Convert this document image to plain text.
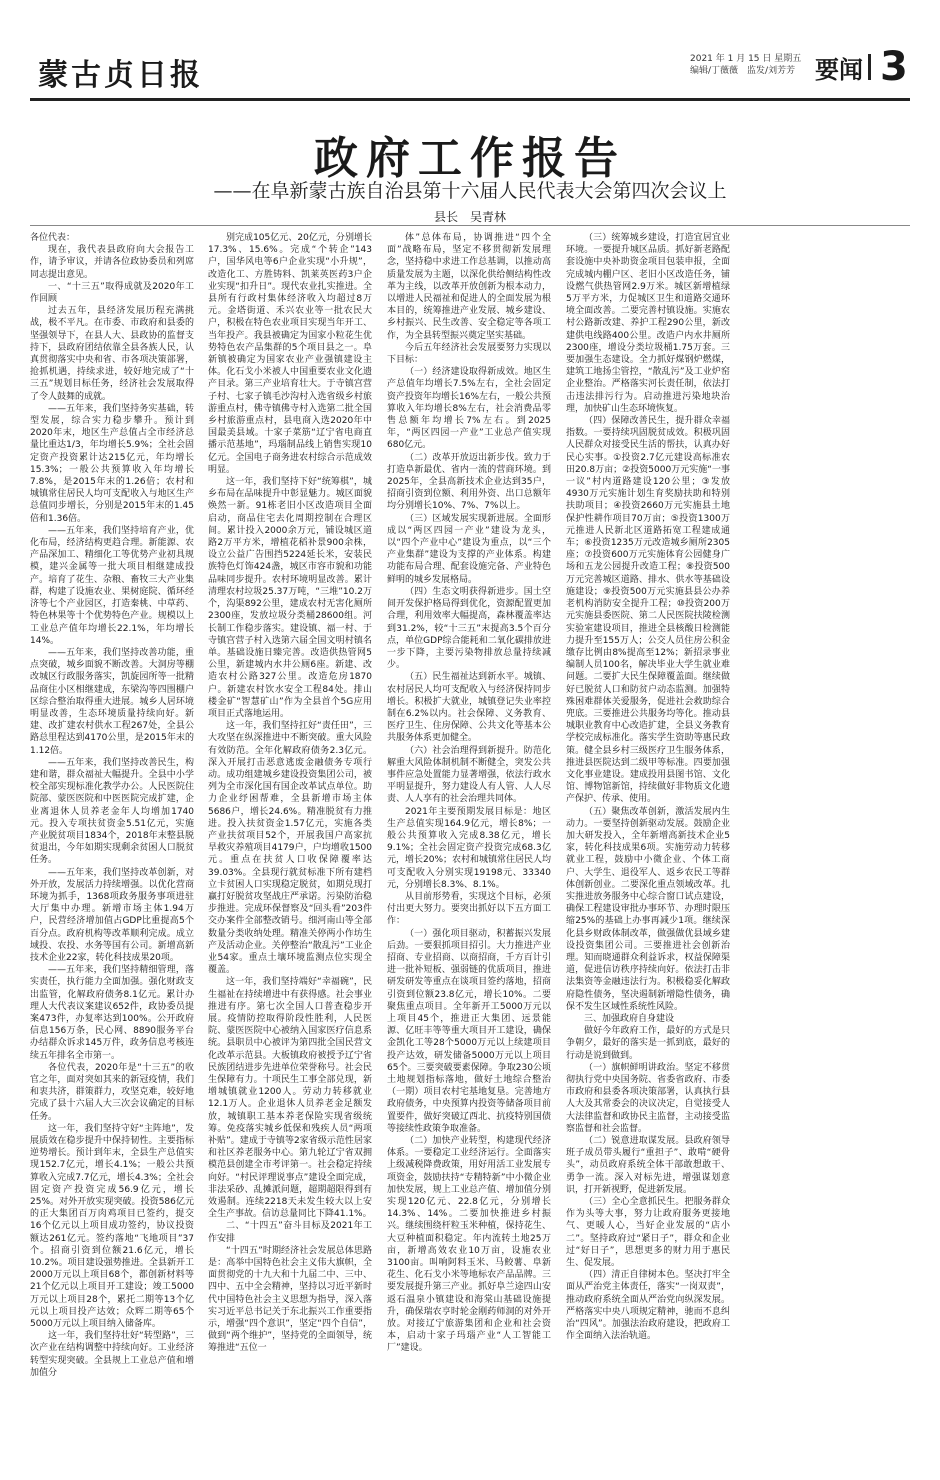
蒙古贞日报	2021 年 1 月 15 日 星期五
编辑/丁薇薇　监发/刘芳芳 要闻 3
政府工作报告
——在阜新蒙古族自治县第十六届人民代表大会第四次会议上
县长　吴青林

各位代表：

现在，我代表县政府向大会报告工作，请予审议，并请各位政协委员和列席同志提出意见。

一、“十三五”取得成就及2020年工作回顾

过去五年，县经济发展历程充满挑战，极不平凡。在市委、市政府和县委的坚强领导下，在县人大、县政协的监督支持下，县政府团结依靠全县各族人民，认真贯彻落实中央和省、市各项决策部署，抢抓机遇，持续求进，较好地完成了“十三五”规划目标任务，经济社会发展取得了令人鼓舞的成就。

——五年来，我们坚持务实基础，转型发展，综合实力稳步攀升。预计到2020年末，地区生产总值占全市经济总量比重达1/3，年均增长5.9%；全社会固定资产投资累计达215亿元，年均增长15.3%；一般公共预算收入年均增长7.8%，是2015年末的1.26倍；农村和城镇常住居民人均可支配收入与地区生产总值同步增长，分别是2015年末的1.45倍和1.36倍。

——五年来，我们坚持培育产业，优化布局，经济结构更趋合理。新能源、农产品深加工、精细化工等优势产业初具规模，建兴金属等一批大项目相继建成投产。培育了花生、杂粮、畜牧三大产业集群，构建了设施农业、果树庭院、循环经济等七个产业园区，打造秦桃、中草药、特色林果等十个优势特色产业。规模以上工业总产值年均增长22.1%，年均增长14%。

——五年来，我们坚持改善功能，重点突破，城乡面貌不断改善。大洞房等棚改城区行政服务落实，凯旋园所等一批精品商住小区相继建成，东梁沟等四围棚户区综合整治取得重大进展。城乡人居环境明显改善，生态环境质量持续向好。新建、改扩建农村供水工程267处，全县公路总里程达到4170公里，是2015年末的1.12倍。

——五年来，我们坚持改善民生，构建和谐，群众福祉大幅提升。全县中小学校全部实现标准化教学办公。人民医院住院部、蒙医医院和中医医院完成扩建，企业离退休人员养老金年人均增加1740元。投入专项扶贫资金5.51亿元，实施产业脱贫项目1834个，2018年末整县脱贫退出，今年如期实现剩余贫困人口脱贫任务。

——五年来，我们坚持改革创新，对外开放，发展活力持续增强。以优化营商环境为抓手，1368项政务服务事项进驻大厅集中办理。新增市场主体1.94万户，民营经济增加值占GDP比重提高5个百分点。政府机构等改革顺利完成。成立域投、农投、水务等国有公司。新增高新技术企业22家，转化科技成果20项。

——五年来，我们坚持精细管理，落实责任，执行能力全面加强。强化财政支出监管，化解政府债务8.1亿元。累计办理人大代表议案建议652件，政协委员提案473件，办复率达到100%。公开政府信息156万条，民心网、8890服务平台办结群众诉求145万件，政务信息考核连续五年排名全市第一。

各位代表，2020年是“十三五”的收官之年，面对突如其来的新冠疫情，我们和衷共济，群策群力，攻坚克难，较好地完成了县十六届人大三次会议确定的目标任务。

这一年，我们坚持守好“主阵地”，发展质效在稳步提升中保持韧性。主要指标逆势增长。预计到年末，全县生产总值实现152.7亿元，增长4.1%；一般公共预算收入完成7.7亿元，增长4.3%；全社会固定资产投资完成56.9亿元，增长25%。对外开放实现突破。投资586亿元的正大集团百万肉鸡项目已签约，提交16个亿元以上项目成功签约，协议投资额达261亿元。签约落地“飞地项目”37个。招商引资到位额21.6亿元，增长10.2%。项目建设强势推进。全县新开工2000万元以上项目68个，都创新材料等21个亿元以上项目开工建设；竣工5000万元以上项目28个，累托二期等13个亿元以上项目投产达效；众辉二期等65个5000万元以上项目纳入储备库。

这一年，我们坚持壮好“转型路”，三次产业在结构调整中持续向好。工业经济转型实现突破。全县规上工业总产值和增加值分

别完成105亿元、20亿元，分别增长17.3%、15.6%。完成“个转企”143户，国华风电等6户企业实现“小升规”，改造化工、方胜铸料、凯莱英医药3户企业实现“扣升日”。现代农业扎实推进。全县所有行政村集体经济收入均超过8万元。金塔街道、禾兴农业等一批农民大户，积极在特色农业项目实现当年开工、当年投产。我县被确定为国家小粒花生优势特色农产品集群的5个项目县之一。阜新镇被确定为国家农业产业强镇建设主体。化石戈小米被人中国重要农业文化遗产目录。第三产业培育壮大。于寺镇宫营子村、七家子镇毛沙沟村入选省级乡村旅游重点村，佛寺镇佛寺村入选第二批全国乡村旅游重点村，县电商入选2020年中国最美县域。十家子菜筋“辽宁省电商直播示范基地”，玛瑙制品线上销售实现10亿元。全国电子商务进农村综合示范成效明显。

这一年，我们坚持下好“统筹棋”，城乡布局在品味提升中彰显魅力。城区面貌焕然一新。91栋老旧小区改造项目全面启动，商品住宅去化周期控制在合理区间。累计投入2000余万元，铺设城区道路2万平方米，增植花稻补景900余株，设立公益广告围挡5224延长米，安装民族特色灯饰424盏，城区市容市貌和功能品味同步提升。农村环境明显改善。累计清理农村垃圾25.37万吨，“三堆”10.2万个，沟渠892公里，建成农村无害化厕所2300座，发放垃圾分类桶28600组。河长制工作稳步落实。建设镇、福一村、于寺镇宫营子村入选第六届全国文明村镇名单。基础设施日臻完善。改造供热管网5公里，新建城内水井公厕6座。新建、改造农村公路327公里。改造危房1870户。新建农村饮水安全工程84处。排山楼金矿“智慧矿山”作为全县首个5G应用项目正式落地运用。

这一年，我们坚持扛好“责任田”，三大攻坚在纵深推进中不断突破。重大风险有效防范。全年化解政府债务2.3亿元。深入开展打击恶意逃废金融债务专项行动。成功组建城乡建设投资集团公司，被列为全市深化国有国企改革试点单位。助力企业纾困帮难，全县新增市场主体5686户，增长24.6%。精准脱贫有力推进。投入扶贫资金1.57亿元，实施各类产业扶贫项目52个，开展我国户高家抗旱救灾养殖项目4179户，户均增收1500元。重点在扶贫人口收保障覆率达39.03%。全县现行就贫标准下所有建档立卡贫困人口实现稳定脱贫，如期兑现打赢打好脱贫攻坚战庄严承诺。污染防治稳步推进。完成环保督察及“回头看”203件交办案件全部整改销号。细河南山等全部数量分类收纳处理。精准关停两小作坊生产及活动企业。关停整治“散乱污”工业企业54家。重点土壤环境监测点位实现全覆盖。

这一年，我们坚持端好“幸福碗”，民生福祉在持续增进中有获得感。社会事业推进有序。第七次全国人口普查稳步开展。疫情防控取得阶段性胜利，人民医院、蒙医医院中心被纳入国家医疗信息系统。县职员中心被评为第四批全国民营文化改革示范县。大板镇政府被授予辽宁省民族团结进步先进单位荣誉称号。社会民生保障有力。十项民生工事全部兑现，新增城镇就业1200人。劳动力转移就业12.1万人。企业退休人员养老金足额发放，城镇职工基本养老保险实现省级统筹。免疫落实城乡低保和残疾人员“两项补贴”。建成于寺镇等2家省级示范性居家和社区养老服务中心。第九轮辽宁省双拥模范县创建全市考评第一。社会稳定持续向好。“村民评理说事点”建设全面完成，非法采砂、乱摊派问题，超期超限得到有效遏制。连续2218天未发生较大以上安全生产事故。信访总量同比下降41.1%。

二、“十四五”奋斗目标及2021年工作安排

“十四五”时期经济社会发展总体思路是：高举中国特色社会主义伟大旗帜，全面贯彻党的十九大和十九届二中、三中、四中、五中全会精神，坚持以习近平新时代中国特色社会主义思想为指导，深入落实习近平总书记关于东北振兴工作重要指示，增强“四个意识”，坚定“四个自信”，做到“两个维护”，坚持党的全面领导，统筹推进“五位一

体”总体布局，协调推进“四个全面”战略布局，坚定不移贯彻新发展理念，坚持稳中求进工作总基调，以推动高质量发展为主题，以深化供给侧结构性改革为主线，以改革开放创新为根本动力，以增进人民福祉和促进人的全面发展为根本目的，统筹推进产业发展、城乡建设、乡村振兴、民生改善、安全稳定等各项工作，为全县转型振兴奠定坚实基础。

今后五年经济社会发展要努力实现以下目标：

（一）经济建设取得新成效。地区生产总值年均增长7.5%左右，全社会固定资产投资年均增长16%左右，一般公共预算收入年均增长8%左右，社会消费品零售总额年均增长7%左右。到2025年，“两区四园一产业”工业总产值实现680亿元。

（二）改革开放迈出新步伐。致力于打造阜新最优、省内一流的营商环境。到2025年，全县高新技术企业达到35户，招商引资到位额、利用外资、出口总额年均分别增长10%、7%、7%以上。

（三）区域发展实现新进展。全面形成以“两区四园一产业”建设为龙头，以“四个产业中心”建设为重点，以“三个产业集群”建设为支撑的产业体系。构建功能布局合理、配套设施完备、产业特色鲜明的城乡发展格局。

（四）生态文明获得新进步。国土空间开发保护格局得到优化，资源配置更加合理，利用效率大幅提高，森林覆盖率达到31.2%，较“十三五”末提高3.5个百分点，单位GDP综合能耗和二氧化碳排放进一步下降，主要污染物排放总量持续减少。

（五）民生福祉达到新水平。城镇、农村居民人均可支配收入与经济保持同步增长。积极扩大就业，城镇登记失业率控制在6.2%以内。社会保障、义务教育、医疗卫生、住房保障、公共文化等基本公共服务体系更加健全。

（六）社会治理得到新提升。防范化解重大风险体制机制不断健全，突发公共事件应急处置能力显著增强，依法行政水平明显提升，努力建设人有人管、人人尽责、人人享有的社会治理共同体。

2021年主要预期发展目标是：地区生产总值实现164.9亿元，增长8%；一般公共预算收入完成8.38亿元，增长9.1%；全社会固定资产投资完成68.3亿元，增长20%；农村和城镇常住居民人均可支配收入分别实现19198元、33340元，分别增长8.3%、8.1%。

从目前形势看，实现这个目标，必须付出更大努力。要突出抓好以下五方面工作：

（一）强化项目驱动，积蓄振兴发展后劲。一要狠抓项目招引。大力推进产业招商、专业招商、以商招商，千方百计引进一批补短板、强弱链的优质项目，推进研发研发等重点在谈项目签约落地，招商引资到位额23.8亿元，增长10%。二要聚焦重点项目。全年新开工5000万元以上项目45个，推进正大集团、远景能源、亿旺丰等等重大项目开工建设，确保金凯化工等28个5000万元以上续建项目投产达效，研发储备5000万元以上项目65个。三要突破要素保障。争取230公顷土地规划指标落地，做好土地综合整治（一期）项目农村宅基地复垦。完善地方政府债务，中央预算内投资等储备项目前置要件，做好突破辽西北、抗疫特别国债等接续性政策争取准备。

（二）加快产业转型，构建现代经济体系。一要稳定工业经济运行。全面落实上级减税降费政策，用好用活工业发展专项资金，鼓励扶持“专精特新”中小微企业加快发展，规上工业总产值、增加值分别实现120亿元、22.8亿元，分别增长14.3%、14%。二要加快推进乡村振兴。继续围绕杆粒玉米种植，保持花生、大豆种植面积稳定。年内流转土地25万亩，新增高效农业10万亩，设施农业3100亩。叫响阿料玉米、马鲛薯、阜新花生、化石戈小米等地标农产品品牌。三要发展提升第三产业。抓好阜兰途四山安返石温泉小镇建设和海棠山基础设施提升，确保瑞农亨时轮金刚药师洞的对外开放。对接辽宁旅游集团和企业和社会资本，启动十家子玛瑙产业“人工智能工厂”建设。

（三）统筹城乡建设，打造宜居宜业环境。一要提升城区品质。抓好新老路配套设施中央补助资金项目包装申报，全面完成城内棚户区、老旧小区改造任务，铺设燃气供热管网2.9万米。城区新增植绿5万平方米，力促城区卫生和道路交通环境全面改善。二要完善村镇设施。实施农村公路新改建、养护工程290公里，新改建供电线路400公里。改造户内水井厕所2300座，增设分类垃圾桶1.75万套。三要加强生态建设。全力抓好煤钢炉燃煤，建筑工地扬尘管控，“散乱污”及工业炉窑企业整治。严格落实河长责任制，依法打击违法排污行为。启动推进污染地块治理，加快矿山生态环境恢复。

（四）保障改善民生，提升群众幸福指数。一要持续巩固脱贫成效。积极巩固人民群众对接受民生活的帮扶，认真办好民心实事。①投资2.7亿元建设高标准农田20.8万亩；②投资5000万元实施“一事一议”村内道路建设120公里；③发放4930万元实施计划生育奖励扶助和特别扶助项目；④投资2660万元实施县土地保护性耕作项目70万亩；⑤投资1300万元推进人民新北区道路拓宽工程建成通车；⑥投资1235万元改造城乡厕所2305座；⑦投资600万元实施体育公园健身广场和五龙公园提升改造工程；⑧投资500万元完善城区道路、排水、供水等基础设施建设；⑨投资500万元实施县县公办养老机构消防安全提升工程；⑩投资200万元实施县委医院、第二人民医院扶陵检测实验室建设项目，推进全县核酸日检测能力提升至155万人；公交人员住房公积金缴存比例由8%提高至12%；新招录事业编制人员100名，解决毕业大学生就业难问题。二要扩大民生保障覆盖面。继续做好已脱贫人口和防贫户动态监测。加强特殊困难群体关爱服务，促进社会救助综合兜底。三要推进公共服务均等化。推动县城职业教育中心改造扩建，全县义务教育学校完成标准化。落实学生资助等惠民政策。健全县乡村三级医疗卫生服务体系，推进县医院达到二级甲等标准。四要加强文化事业建设。建成投用县图书馆、文化馆、博物馆新馆，持续做好非物质文化遗产保护、传承、使用。

（五）聚焦改革创新，激活发展内生动力。一要坚持创新驱动发展。鼓励企业加大研发投入，全年新增高新技术企业5家，转化科技成果6项。实施劳动力转移就业工程，鼓励中小微企业、个体工商户、大学生、退役军人、返乡农民工等群体创新创业。二要深化重点领域改革。扎实推进放务服务中心综合窗口试点建设，确保工程建设审批办事环节、办理时限压缩25%的基础上办事再减少1项。继续深化县乡财政体制改革，做强做优县域乡建设投资集团公司。三要推进社会创新治理。知而晓通群众利益诉求，权益保障渠道，促进信访秩序持续向好。依法打击非法集资等金融违法行为。积极稳妥化解政府隐性债务，坚决遏制新增隐性债务，确保不发生区域性系统性风险。

三、加强政府自身建设

做好今年政府工作，最好的方式是只争朝夕，最好的落实是一抓到底，最好的行动是说到做到。

（一）旗帜鲜明讲政治。坚定不移贯彻执行党中央国务院、省委省政府、市委市政府和县委各项决策部署，认真执行县人大及其常委会的决议决定，自觉接受人大法律监督和政协民主监督，主动接受监察监督和社会监督。

（二）锐意进取谋发展。县政府领导班子成员带头履行“重担子”、敢啃“硬骨头”，动员政府系统全体干部敢想敢干、勇争一流。深入对标先进，增强谋划意识，打开新视野，促进新发展。

（三）全心全意抓民生。把服务群众作为头等大事，努力让政府服务更接地气、更暖人心，当好企业发展的“店小二”。坚持政府过“紧日子”，群众和企业过“好日子”，思想更多的财力用于惠民生、促发展。

（四）清正自律树本色。坚决打牢全面从严治党主体责任，落实“一岗双责”，推动政府系统全面从严治党向纵深发展。严格落实中央八项规定精神，驰而不息纠治“四风”。加强法治政府建设，把政府工作全面纳入法治轨道。
